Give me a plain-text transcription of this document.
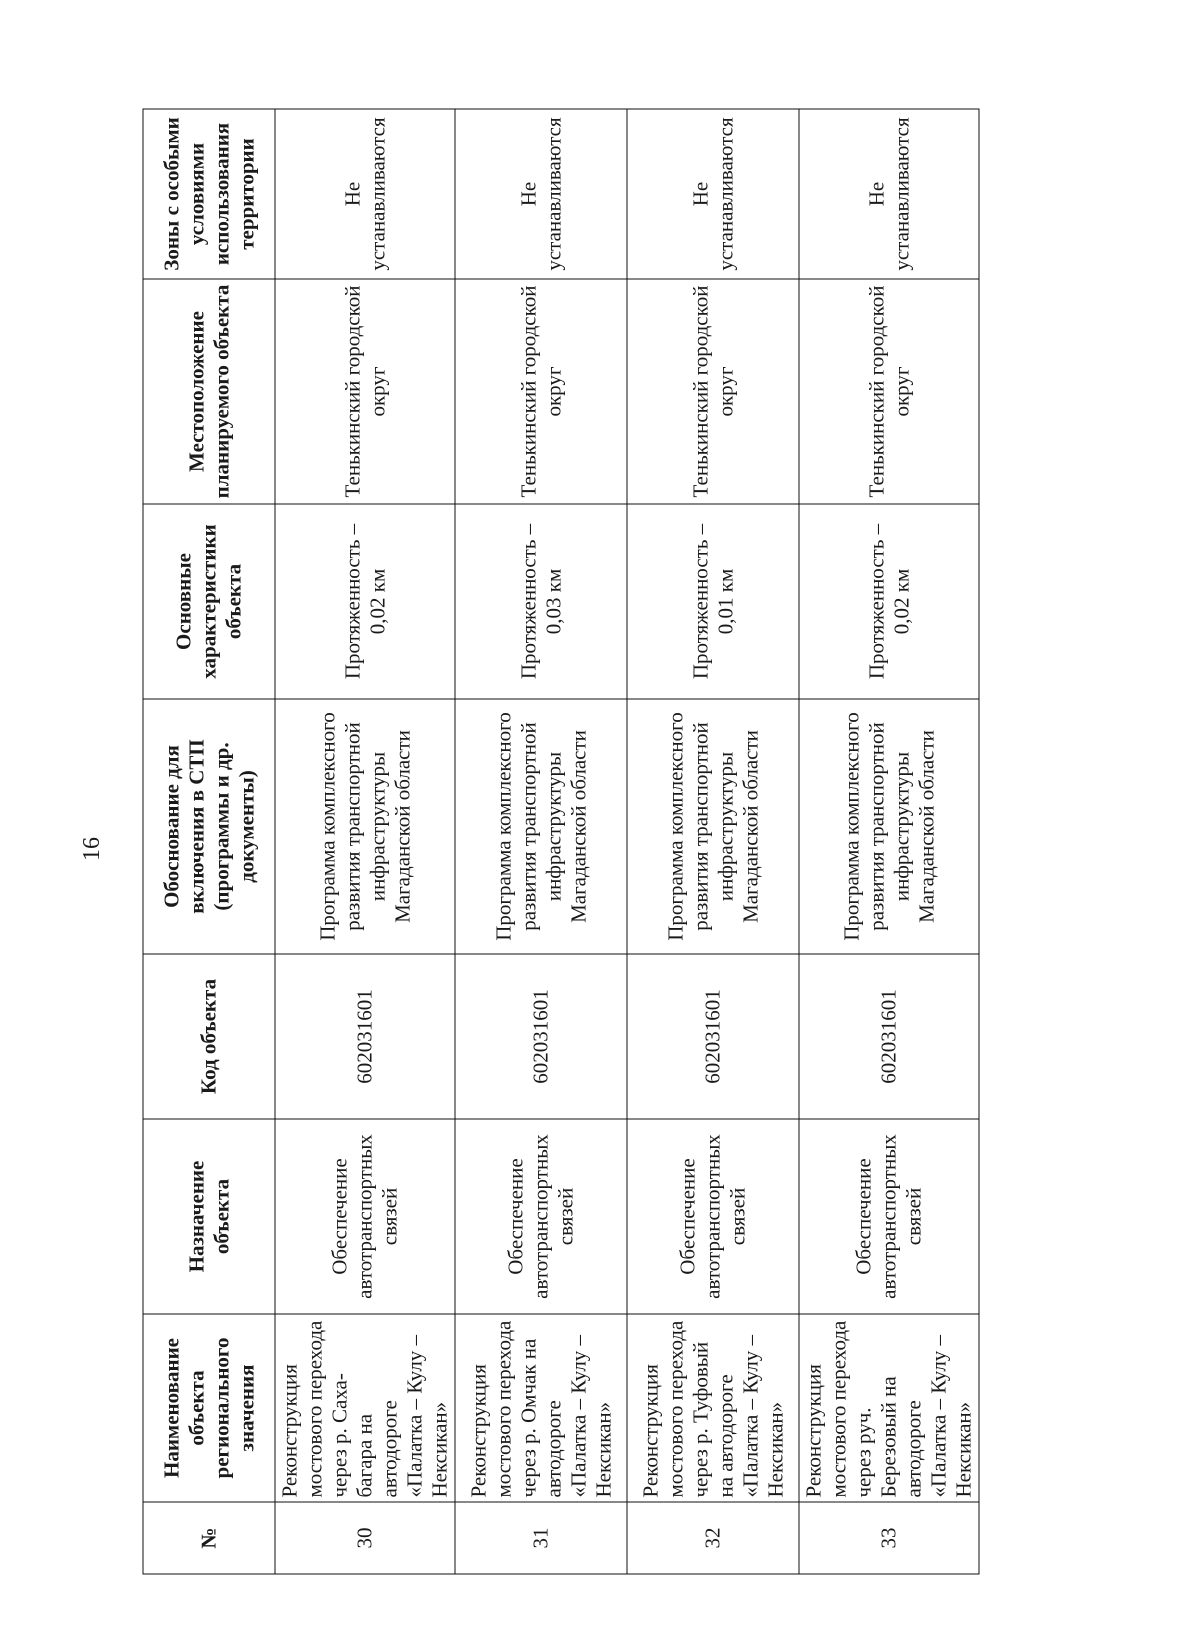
16
№	Наименование объекта регионального значения	Назначение объекта	Код объекта	Обоснование для включения в СТП (программы и др. документы)	Основные характеристики объекта	Местоположение планируемого объекта	Зоны с особыми условиями использования территории
30	Реконструкция мостового перехода через р. Саха-багара на автодороге «Палатка – Кулу – Нексикан»	Обеспечение автотранспортных связей	602031601	Программа комплексного развития транспортной инфраструктуры Магаданской области	Протяженность – 0,02 км	Тенькинский городской округ	Не устанавливаются
31	Реконструкция мостового перехода через р. Омчак на автодороге «Палатка – Кулу – Нексикан»	Обеспечение автотранспортных связей	602031601	Программа комплексного развития транспортной инфраструктуры Магаданской области	Протяженность – 0,03 км	Тенькинский городской округ	Не устанавливаются
32	Реконструкция мостового перехода через р. Туфовый на автодороге «Палатка – Кулу – Нексикан»	Обеспечение автотранспортных связей	602031601	Программа комплексного развития транспортной инфраструктуры Магаданской области	Протяженность – 0,01 км	Тенькинский городской округ	Не устанавливаются
33	Реконструкция мостового перехода через руч. Березовый на автодороге «Палатка – Кулу – Нексикан»	Обеспечение автотранспортных связей	602031601	Программа комплексного развития транспортной инфраструктуры Магаданской области	Протяженность – 0,02 км	Тенькинский городской округ	Не устанавливаются
